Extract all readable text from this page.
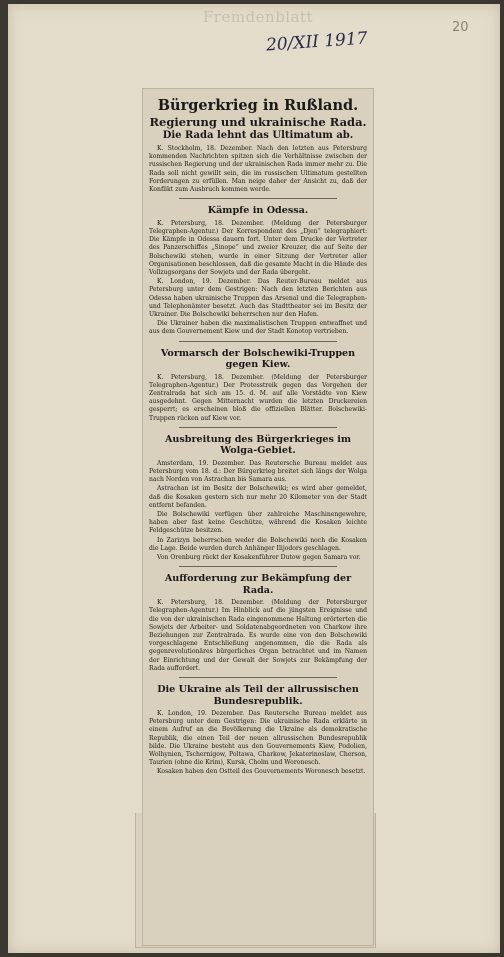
Fremdenblatt
20/XII 1917
20
Bürgerkrieg in Rußland.
Regierung und ukrainische Rada.
Die Rada lehnt das Ultimatum ab.

K. Stockholm, 18. Dezember. Nach den letzten aus Petersburg kommenden Nachrichten spitzen sich die Verhältnisse zwischen der russischen Regierung und der ukrainischen Rada immer mehr zu. Die Rada soll nicht gewillt sein, die im russischen Ultimatum gestellten Forderungen zu erfüllen. Man neige daher der Ansicht zu, daß der Konflikt zum Ausbruch kommen werde.

Kämpfe in Odessa.

K. Petersburg, 18. Dezember. (Meldung der Petersburger Telegraphen-Agentur.) Der Korrespondent des „Djen“ telegraphiert: Die Kämpfe in Odessa dauern fort. Unter dem Drucke der Vertreter des Panzerschiffes „Sinope“ und zweier Kreuzer, die auf Seite der Bolschewiki stehen, wurde in einer Sitzung der Vertreter aller Organisationen beschlossen, daß die gesamte Macht in die Hände des Vollzugsorgans der Sowjets und der Rada übergeht.

K. London, 19. Dezember. Das Reuter-Bureau meldet aus Petersburg unter dem Gestrigen: Nach den letzten Berichten aus Odessa haben ukrainische Truppen das Arsenal und die Telegraphen- und Telephonämter besetzt. Auch das Stadttheater sei im Besitz der Ukrainer. Die Bolschewiki beherrschen nur den Hafen.

Die Ukrainer haben die maximalistischen Truppen entwaffnet und aus dem Gouvernement Kiew und der Stadt Konotop vertrieben.

Vormarsch der Bolschewiki-Truppen gegen Kiew.

K. Petersburg, 18. Dezember. (Meldung der Petersburger Telegraphen-Agentur.) Der Protesstreik gegen das Vorgehen der Zentralrada hat sich am 15. d. M. auf alle Vorstädte von Kiew ausgedehnt. Gegen Mitternacht wurden die letzten Druckereien gesperrt; es erscheinen bloß die offiziellen Blätter. Bolschewiki-Truppen rücken auf Kiew vor.

Ausbreitung des Bürgerkrieges im Wolga-Gebiet.

Amsterdam, 19. Dezember. Das Reutersche Bureau meldet aus Petersburg vom 18. d.: Der Bürgerkrieg breitet sich längs der Wolga nach Norden von Astrachan bis Samara aus.

Astrachan ist im Besitz der Bolschewiki; es wird aber gemeldet, daß die Kosaken gestern sich nur mehr 20 Kilometer von der Stadt entfernt befanden.

Die Bolschewiki verfügen über zahlreiche Maschinengewehre, haben aber fast keine Geschütze, während die Kosaken leichte Feldgeschütze besitzen.

In Zarizyn beherrschen weder die Bolschewiki noch die Kosaken die Lage. Beide wurden durch Anhänger Ilijodors geschlagen.

Von Orenburg rückt der Kosakenführer Dutow gegen Samara vor.

Aufforderung zur Bekämpfung der Rada.

K. Petersburg, 18. Dezember. (Meldung der Petersburger Telegraphen-Agentur.) Im Hinblick auf die jüngsten Ereignisse und die von der ukrainischen Rada eingenommene Haltung erörterten die Sowjets der Arbeiter- und Soldatenabgeordneten von Charkow ihre Beziehungen zur Zentralrada. Es wurde eine von den Bolschewiki vorgeschlagene Entschließung angenommen, die die Rada als gegenrevolutionäres bürgerliches Organ betrachtet und im Namen der Einrichtung und der Gewalt der Sowjets zur Bekämpfung der Rada auffordert.

Die Ukraine als Teil der allrussischen Bundesrepublik.

K. London, 19. Dezember. Das Reutersche Bureau meldet aus Petersburg unter dem Gestrigen: Die ukrainische Rada erklärte in einem Aufruf an die Bevölkerung die Ukraine als demokratische Republik, die einen Teil der neuen allrussischen Bundesrepublik bilde. Die Ukraine besteht aus den Gouvernements Kiew, Podolien, Wolhynien, Tschernigow, Poltawa, Charkow, Jekaterinoslaw, Cherson, Taurien (ohne die Krim), Kursk, Cholm und Woronesch.

Kosaken haben den Ostteil des Gouvernements Woronesch besetzt.
